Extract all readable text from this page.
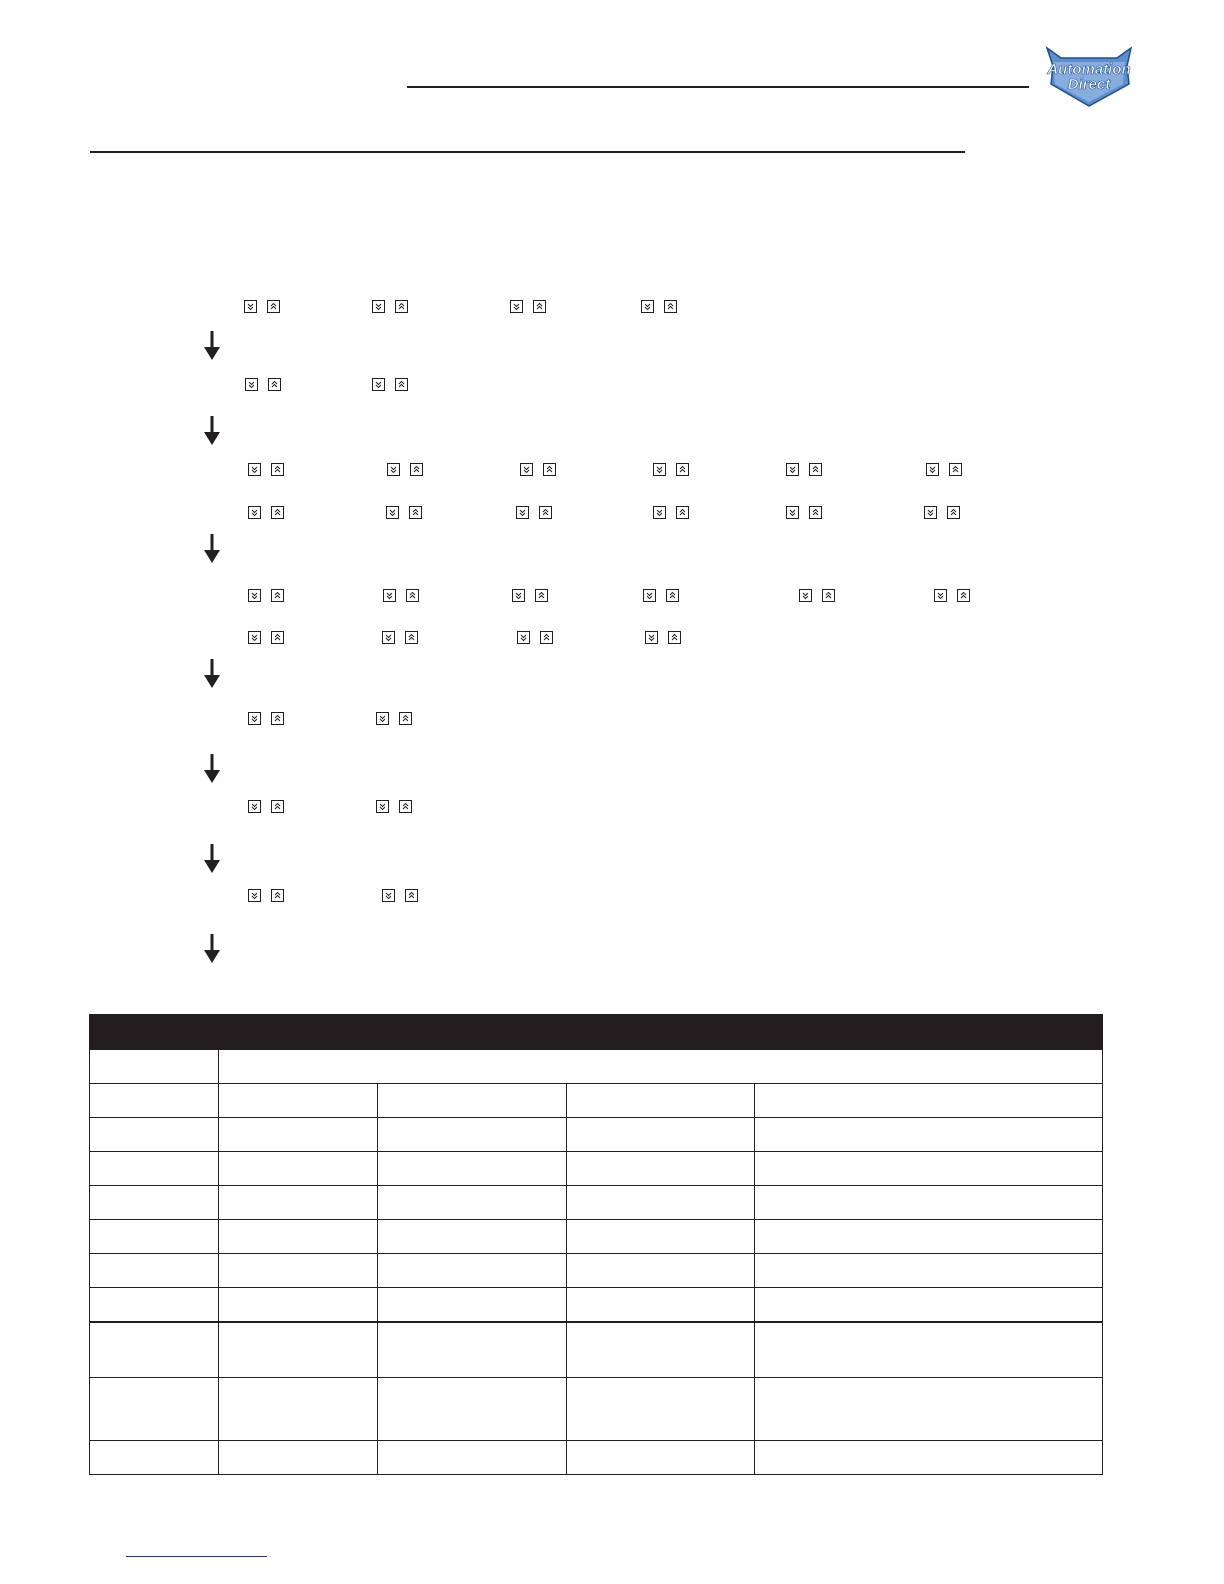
Automation
Direct
